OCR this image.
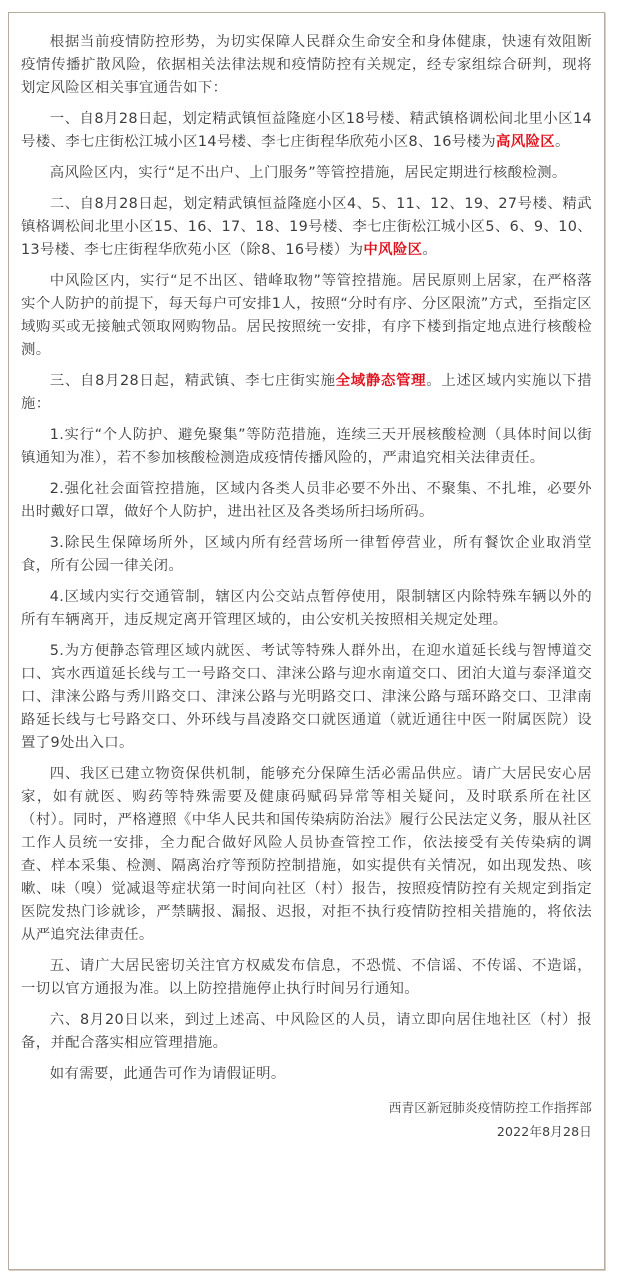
根据当前疫情防控形势，为切实保障人民群众生命安全和身体健康，快速有效阻断疫情传播扩散风险，依据相关法律法规和疫情防控有关规定，经专家组综合研判，现将划定风险区相关事宜通告如下：

一、自8月28日起，划定精武镇恒益隆庭小区18号楼、精武镇格调松间北里小区14号楼、李七庄街松江城小区14号楼、李七庄街程华欣苑小区8、16号楼为高风险区。

高风险区内，实行“足不出户、上门服务”等管控措施，居民定期进行核酸检测。

二、自8月28日起，划定精武镇恒益隆庭小区4、5、11、12、19、27号楼、精武镇格调松间北里小区15、16、17、18、19号楼、李七庄街松江城小区5、6、9、10、13号楼、李七庄街程华欣苑小区（除8、16号楼）为中风险区。

中风险区内，实行“足不出区、错峰取物”等管控措施。居民原则上居家，在严格落实个人防护的前提下，每天每户可安排1人，按照“分时有序、分区限流”方式，至指定区域购买或无接触式领取网购物品。居民按照统一安排，有序下楼到指定地点进行核酸检测。

三、自8月28日起，精武镇、李七庄街实施全域静态管理。上述区域内实施以下措施：

1.实行“个人防护、避免聚集”等防范措施，连续三天开展核酸检测（具体时间以街镇通知为准），若不参加核酸检测造成疫情传播风险的，严肃追究相关法律责任。

2.强化社会面管控措施，区域内各类人员非必要不外出、不聚集、不扎堆，必要外出时戴好口罩，做好个人防护，进出社区及各类场所扫场所码。

3.除民生保障场所外，区域内所有经营场所一律暂停营业，所有餐饮企业取消堂食，所有公园一律关闭。

4.区域内实行交通管制，辖区内公交站点暂停使用，限制辖区内除特殊车辆以外的所有车辆离开，违反规定离开管理区域的，由公安机关按照相关规定处理。

5.为方便静态管理区域内就医、考试等特殊人群外出，在迎水道延长线与智博道交口、宾水西道延长线与工一号路交口、津涞公路与迎水南道交口、团泊大道与泰泽道交口、津涞公路与秀川路交口、津涞公路与光明路交口、津涞公路与瑶环路交口、卫津南路延长线与七号路交口、外环线与昌凌路交口就医通道（就近通往中医一附属医院）设置了9处出入口。

四、我区已建立物资保供机制，能够充分保障生活必需品供应。请广大居民安心居家，如有就医、购药等特殊需要及健康码赋码异常等相关疑问，及时联系所在社区（村）。同时，严格遵照《中华人民共和国传染病防治法》履行公民法定义务，服从社区工作人员统一安排，全力配合做好风险人员协查管控工作，依法接受有关传染病的调查、样本采集、检测、隔离治疗等预防控制措施，如实提供有关情况，如出现发热、咳嗽、味（嗅）觉减退等症状第一时间向社区（村）报告，按照疫情防控有关规定到指定医院发热门诊就诊，严禁瞒报、漏报、迟报，对拒不执行疫情防控相关措施的，将依法从严追究法律责任。

五、请广大居民密切关注官方权威发布信息，不恐慌、不信谣、不传谣、不造谣，一切以官方通报为准。以上防控措施停止执行时间另行通知。

六、8月20日以来，到过上述高、中风险区的人员，请立即向居住地社区（村）报备，并配合落实相应管理措施。

如有需要，此通告可作为请假证明。

西青区新冠肺炎疫情防控工作指挥部

2022年8月28日
